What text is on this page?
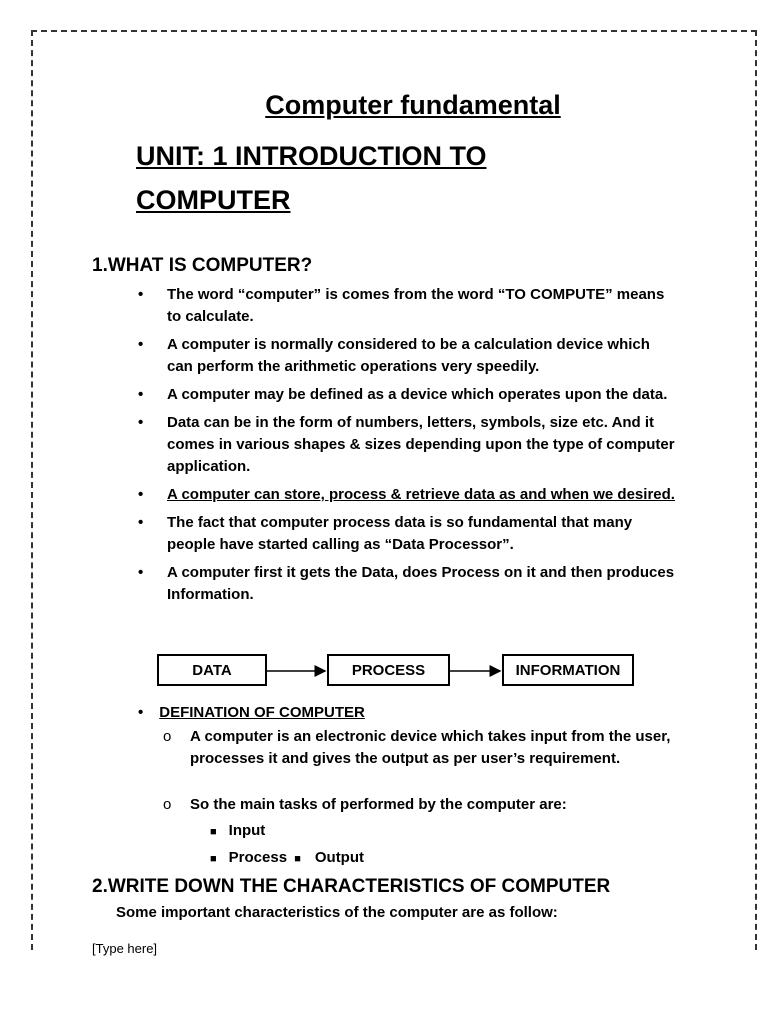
Computer fundamental
UNIT: 1 INTRODUCTION TO
COMPUTER
1.WHAT IS COMPUTER?
• The word “computer” is comes from the word “TO COMPUTE” means to calculate.
• A computer is normally considered to be a calculation device which can perform the arithmetic operations very speedily.
• A computer may be defined as a device which operates upon the data.
• Data can be in the form of numbers, letters, symbols, size etc. And it comes in various shapes & sizes depending upon the type of computer application.
• A computer can store, process & retrieve data as and when we desired.
• The fact that computer process data is so fundamental that many people have started calling as “Data Processor”.
• A computer first it gets the Data, does Process on it and then produces Information.
DATA	PROCESS	INFORMATION
• DEFINATION OF COMPUTER
o	A computer is an electronic device which takes input from the user, processes it and gives the output as per user’s requirement.
o	So the main tasks of performed by the computer are:
■ Input
■ Process ■ Output
2.WRITE DOWN THE CHARACTERISTICS OF COMPUTER
Some important characteristics of the computer are as follow:
[Type here]
